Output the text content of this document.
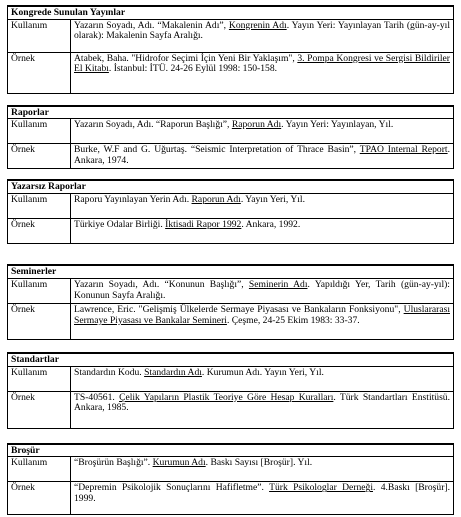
Kongrede Sunulan Yayınlar	
Kullanım	Yazarın Soyadı, Adı. “Makalenin Adı”, Kongrenin Adı. Yayın Yeri: Yayınlayan Tarih (gün-ay-yıl olarak): Makalenin Sayfa Aralığı.
Örnek	Atabek, Baha. "Hidrofor Seçimi İçin Yeni Bir Yaklaşım", 3. Pompa Kongresi ve Sergisi Bildiriler El Kitabı. İstanbul: İTÜ. 24-26 Eylül 1998: 150-158.

Raporlar	
Kullanım	Yazarın Soyadı, Adı. “Raporun Başlığı”, Raporun Adı. Yayın Yeri: Yayınlayan, Yıl.
Örnek	Burke, W.F and G. Uğurtaş. “Seismic Interpretation of Thrace Basin”, TPAO Internal Report. Ankara, 1974.

Yazarsız Raporlar	
Kullanım	Raporu Yayınlayan Yerin Adı. Raporun Adı. Yayın Yeri, Yıl.
Örnek	Türkiye Odalar Birliği. İktisadi Rapor 1992. Ankara, 1992.

Seminerler	
Kullanım	Yazarın Soyadı, Adı. “Konunun Başlığı”, Seminerin Adı. Yapıldığı Yer, Tarih (gün-ay-yıl): Konunun Sayfa Aralığı.
Örnek	Lawrence, Eric. "Gelişmiş Ülkelerde Sermaye Piyasası ve Bankaların Fonksiyonu", Uluslararası Sermaye Piyasası ve Bankalar Semineri. Çeşme, 24-25 Ekim 1983: 33-37.

Standartlar	
Kullanım	Standardın Kodu. Standardın Adı. Kurumun Adı. Yayın Yeri, Yıl.
Örnek	TS-40561. Çelik Yapıların Plastik Teoriye Göre Hesap Kuralları. Türk Standartları Enstitüsü. Ankara, 1985.

Broşür	
Kullanım	“Broşürün Başlığı”. Kurumun Adı. Baskı Sayısı [Broşür]. Yıl.
Örnek	“Depremin Psikolojik Sonuçlarını Hafifletme”. Türk Psikologlar Derneği. 4.Baskı [Broşür]. 1999.
